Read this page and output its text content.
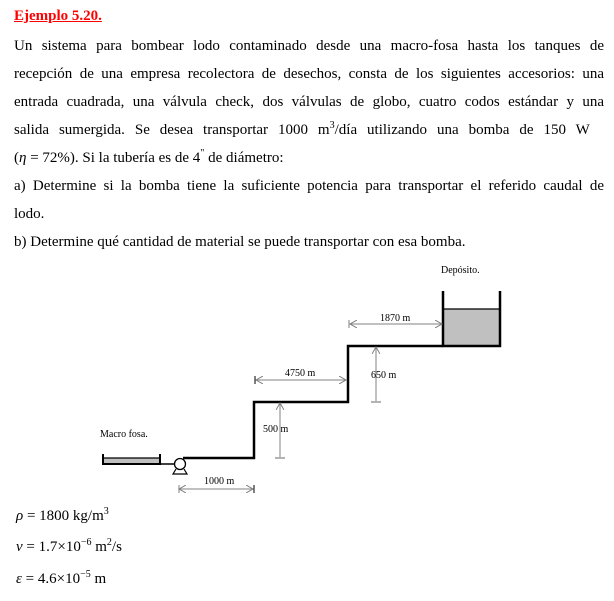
Ejemplo 5.20.
Un sistema para bombear lodo contaminado desde una macro-fosa hasta los tanques de
recepción de una empresa recolectora de desechos, consta de los siguientes accesorios: una
entrada cuadrada, una válvula check, dos válvulas de globo, cuatro codos estándar y una
salida sumergida. Se desea transportar 1000 $m^3$/día utilizando una bomba de 150 W
(η = 72%). Si la tubería es de 4" de diámetro:
a) Determine si la bomba tiene la suficiente potencia para transportar el referido caudal de
lodo.
b) Determine qué cantidad de material se puede transportar con esa bomba.
Depósito.
Macro fosa.
1000 m
500 m
4750 m	650 m
1870 m
ρ = 1800 $kg/m^3$
$\nu = 1.7\times 10^{-6}$ $m^2/s$
$\varepsilon = 4.6\times 10^{-5}$ m
